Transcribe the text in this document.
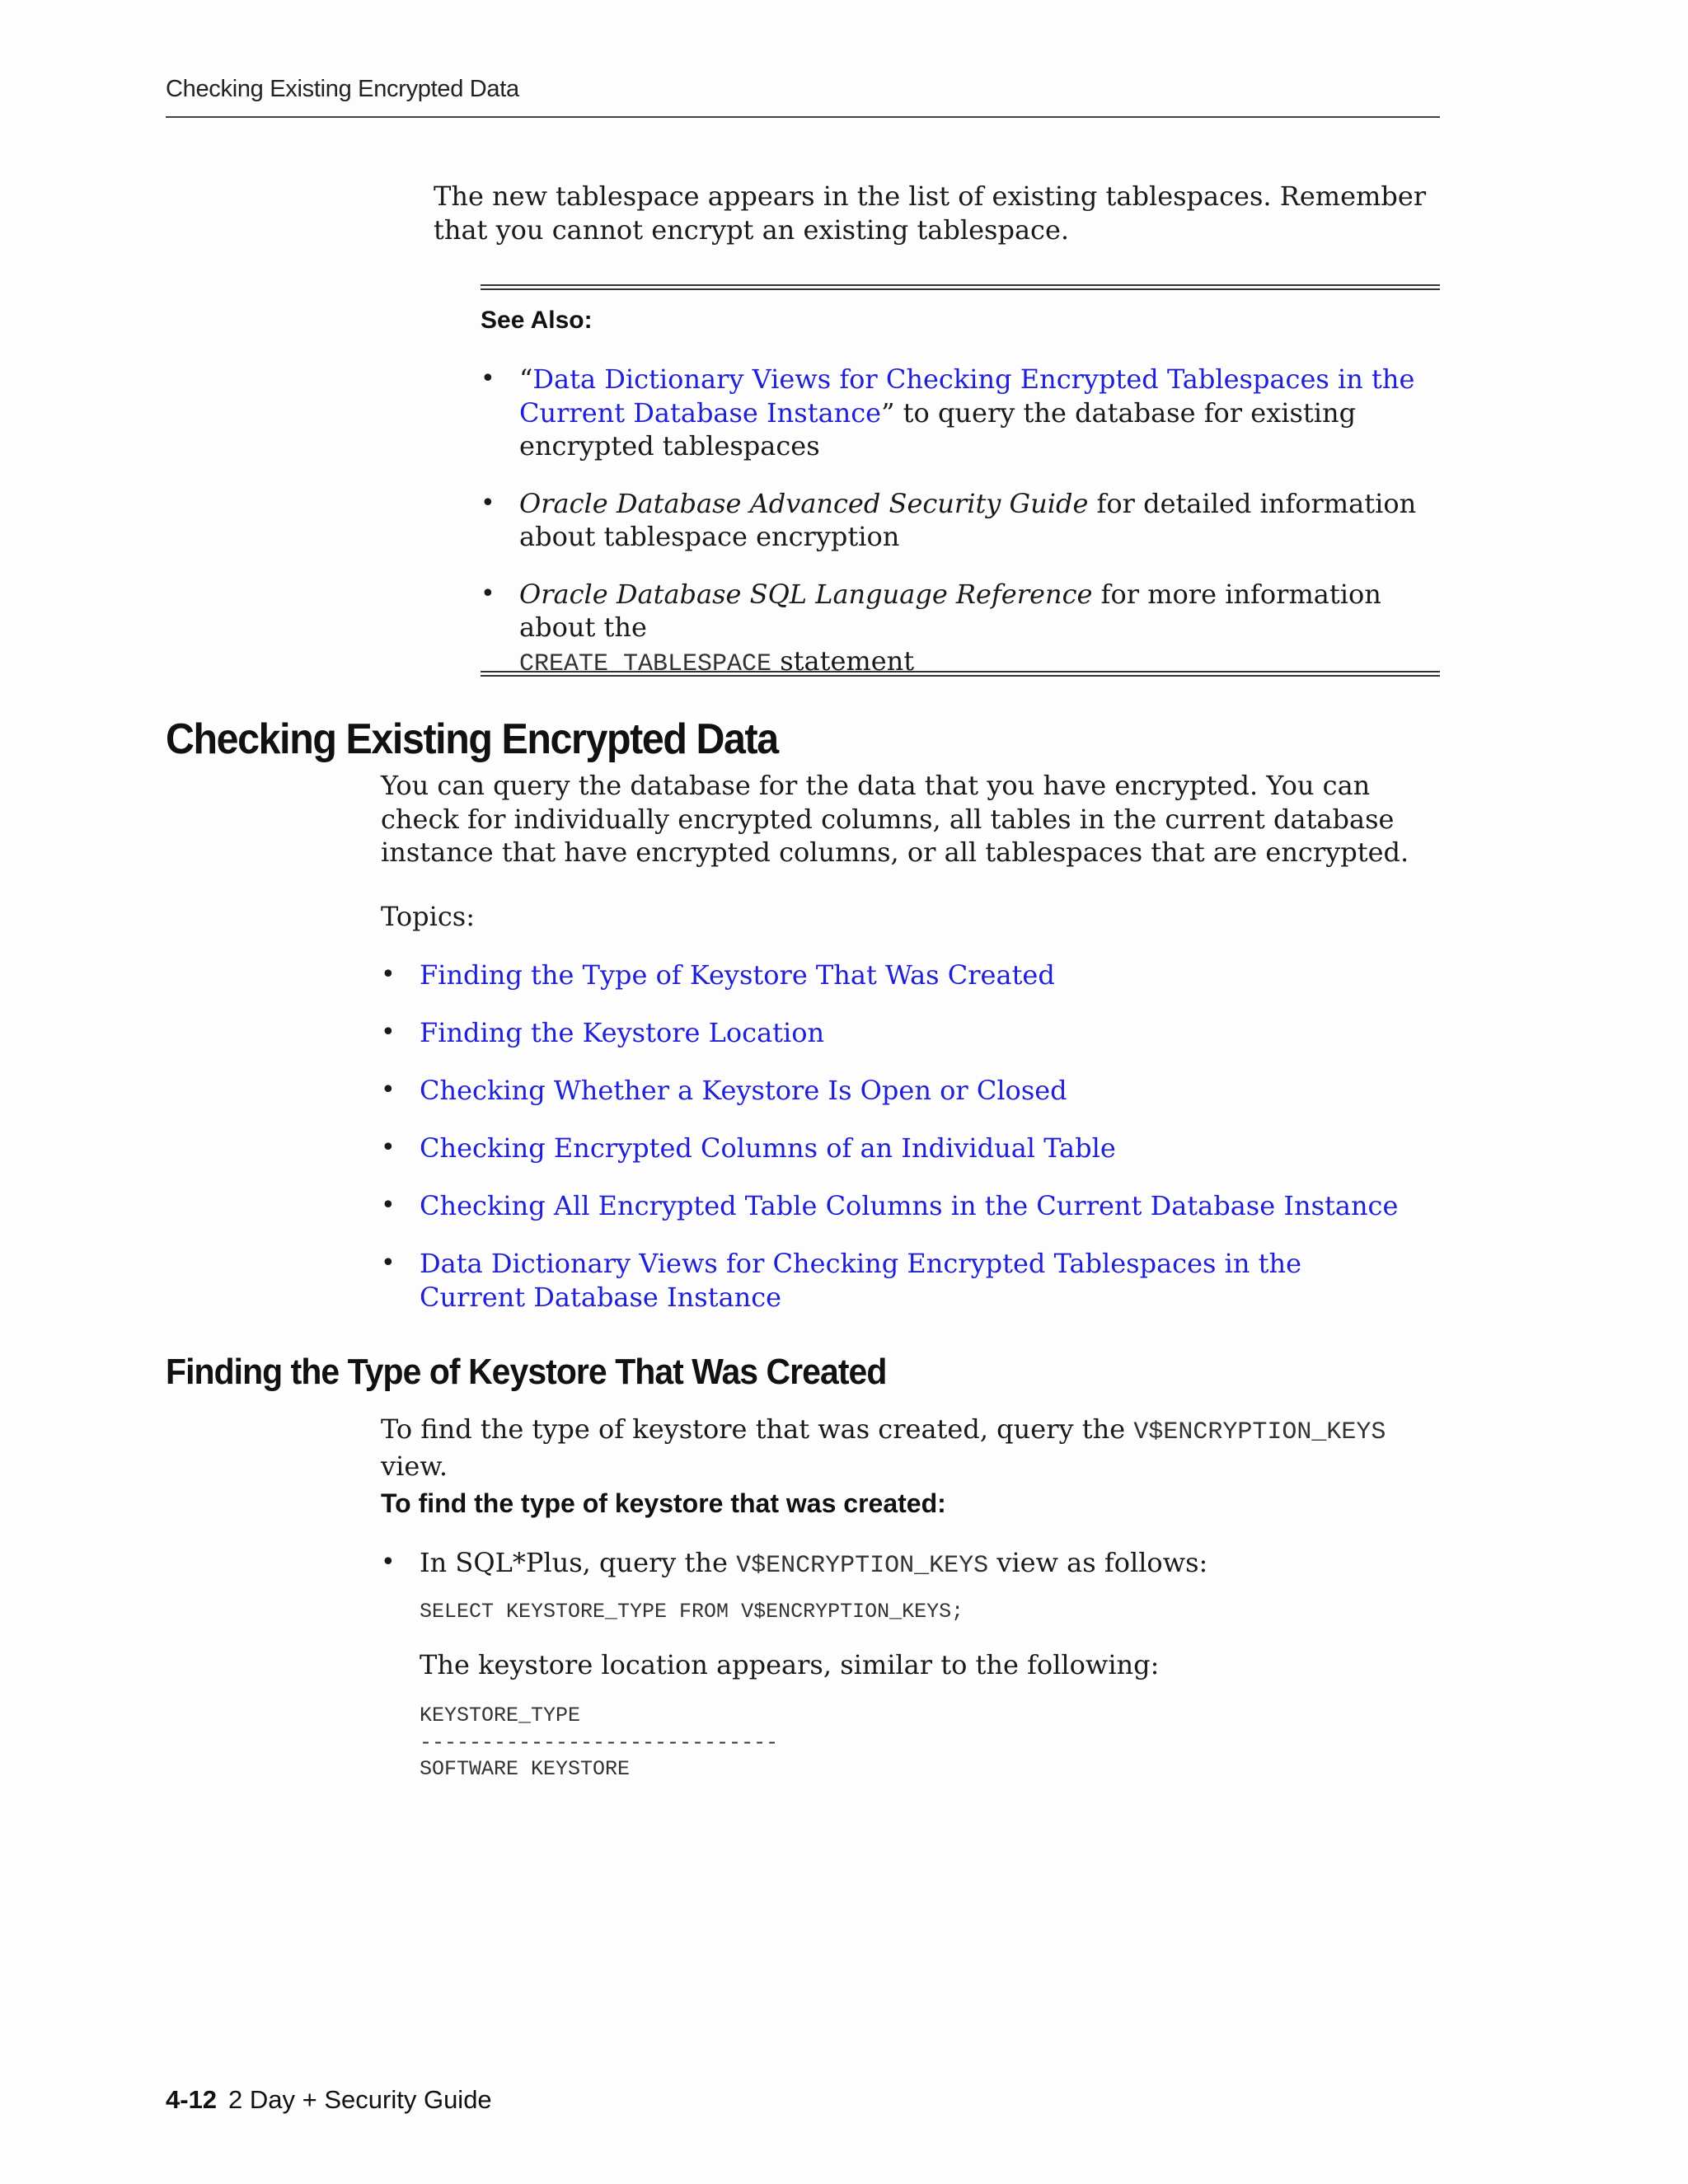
Checking Existing Encrypted Data

The new tablespace appears in the list of existing tablespaces. Remember that you cannot encrypt an existing tablespace.

See Also:
• “Data Dictionary Views for Checking Encrypted Tablespaces in the Current Database Instance” to query the database for existing encrypted tablespaces
• Oracle Database Advanced Security Guide for detailed information about tablespace encryption
• Oracle Database SQL Language Reference for more information about the
CREATE TABLESPACE statement
Checking Existing Encrypted Data

You can query the database for the data that you have encrypted. You can check for individually encrypted columns, all tables in the current database instance that have encrypted columns, or all tablespaces that are encrypted.

Topics:
• Finding the Type of Keystore That Was Created
• Finding the Keystore Location
• Checking Whether a Keystore Is Open or Closed
• Checking Encrypted Columns of an Individual Table
• Checking All Encrypted Table Columns in the Current Database Instance
• Data Dictionary Views for Checking Encrypted Tablespaces in the Current Database Instance
Finding the Type of Keystore That Was Created

To find the type of keystore that was created, query the V$ENCRYPTION_KEYS view.

To find the type of keystore that was created:
• In SQL*Plus, query the V$ENCRYPTION_KEYS view as follows:
SELECT KEYSTORE_TYPE FROM V$ENCRYPTION_KEYS;
The keystore location appears, similar to the following:
KEYSTORE_TYPE
-----------------------------
SOFTWARE KEYSTORE
4-12 2 Day + Security Guide
